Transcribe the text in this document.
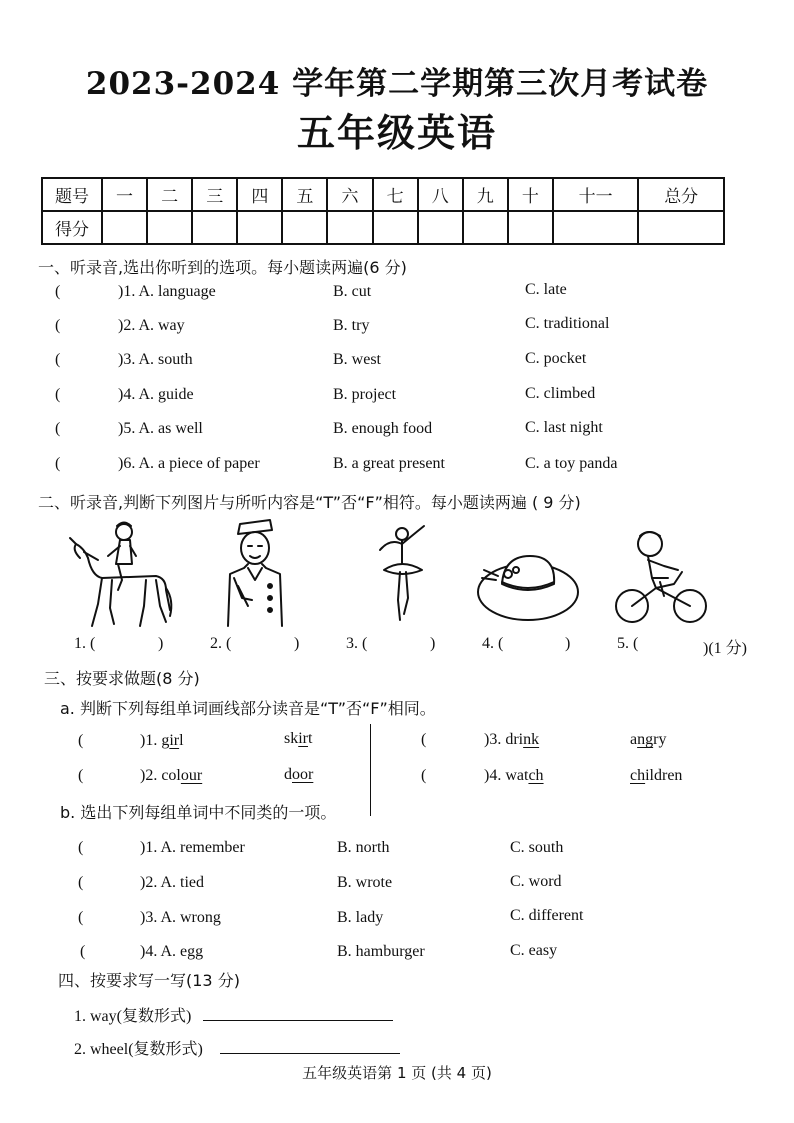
2023-2024 学年第二学期第三次月考试卷
五年级英语
题号	一	二	三	四	五	六	七	八	九	十	十一	总分
得分												
一、听录音,选出你听到的选项。每小题读两遍(6 分)
(	)1. A. language	B. cut	C. late
(	)2. A. way	B. try	C. traditional
(	)3. A. south	B. west	C. pocket
(	)4. A. guide	B. project	C. climbed
(	)5. A. as well	B. enough food	C. last night
(	)6. A. a piece of paper	B. a great present	C. a toy panda
二、听录音,判断下列图片与所听内容是“T”否“F”相符。每小题读两遍 ( 9 分)
1. (	)	2. (	)	3. (	)	4. (	)	5. (	)(1 分)
三、按要求做题(8 分)
a. 判断下列每组单词画线部分读音是“T”否“F”相同。
(	)1. girl	skirt
(	)2. colour	door
(	)3. drink	angry
(	)4. watch	children
b. 选出下列每组单词中不同类的一项。
(	)1. A. remember	B. north	C. south
(	)2. A. tied	B. wrote	C. word
(	)3. A. wrong	B. lady	C. different
(	)4. A. egg	B. hamburger	C. easy
四、按要求写一写(13 分)
1. way(复数形式)
2. wheel(复数形式)
五年级英语第 1 页 (共 4 页)
